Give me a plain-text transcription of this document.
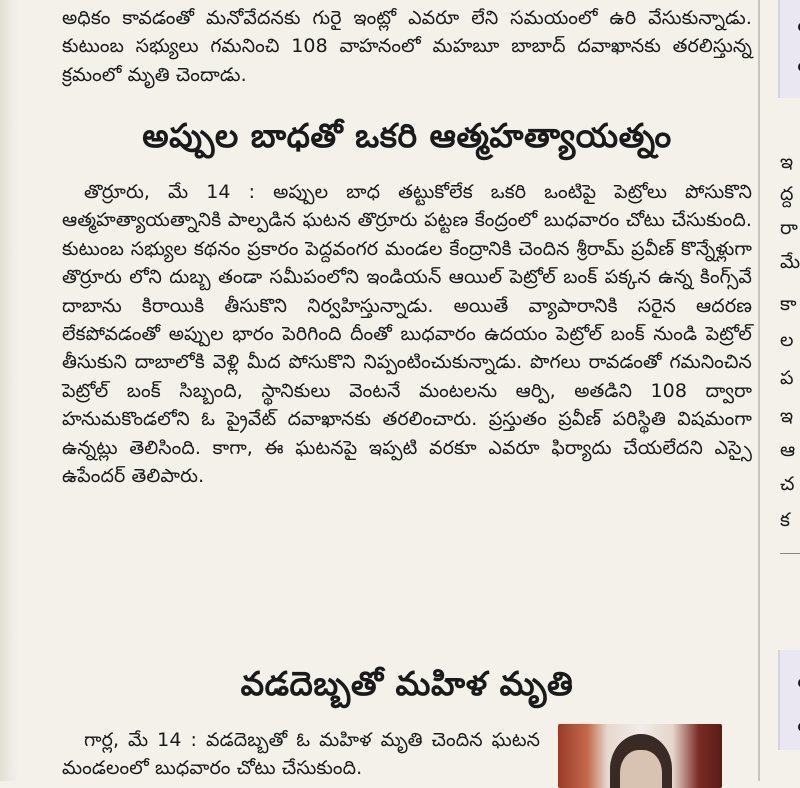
అధికం కావడంతో మనోవేదనకు గురై ఇంట్లో ఎవరూ లేని సమయంలో ఉరి వేసుకున్నాడు. కుటుంబ సభ్యులు గమనించి 108 వాహనంలో మహబూ బాబాద్ దవాఖానకు తరలిస్తున్న క్రమంలో మృతి చెందాడు.

అప్పుల బాధతో ఒకరి ఆత్మహత్యాయత్నం

తొర్రూరు, మే 14 : అప్పుల బాధ తట్టుకోలేక ఒకరి ఒంటిపై పెట్రోలు పోసుకొని ఆత్మహత్యాయత్నానికి పాల్పడిన ఘటన తొర్రూరు పట్టణ కేంద్రంలో బుధవారం చోటు చేసుకుంది. కుటుంబ సభ్యుల కథనం ప్రకారం పెద్దవంగర మండల కేంద్రానికి చెందిన శ్రీరామ్ ప్రవీణ్ కొన్నేళ్లుగా తొర్రూరు లోని దుబ్బ తండా సమీపంలోని ఇండియన్ ఆయిల్ పెట్రోల్ బంక్ పక్కన ఉన్న కింగ్స్‌వే దాబాను కిరాయికి తీసుకొని నిర్వహిస్తున్నాడు. అయితే వ్యాపారానికి సరైన ఆదరణ లేకపోవడంతో అప్పుల భారం పెరిగింది దీంతో బుధవారం ఉదయం పెట్రోల్ బంక్ నుండి పెట్రోల్ తీసుకుని దాబాలోకి వెళ్లి మీద పోసుకొని నిప్పంటించుకున్నాడు. పొగలు రావడంతో గమనించిన పెట్రోల్ బంక్ సిబ్బంది, స్థానికులు వెంటనే మంటలను ఆర్పి, అతడిని 108 ద్వారా హనుమకొండలోని ఓ ప్రైవేట్ దవాఖానకు తరలించారు. ప్రస్తుతం ప్రవీణ్ పరిస్థితి విషమంగా ఉన్నట్లు తెలిసింది. కాగా, ఈ ఘటనపై ఇప్పటి వరకూ ఎవరూ ఫిర్యాదు చేయలేదని ఎస్సై ఉపేందర్ తెలిపారు.

వడదెబ్బతో మహిళ మృతి

గార్ల, మే 14 : వడదెబ్బతో ఓ మహిళ మృతి చెందిన ఘటన మండలంలో బుధవారం చోటు చేసుకుంది.

ఇ
ద్ద
రా
మే
కా
ల
ప
ఇ
ఆ
చ
క
